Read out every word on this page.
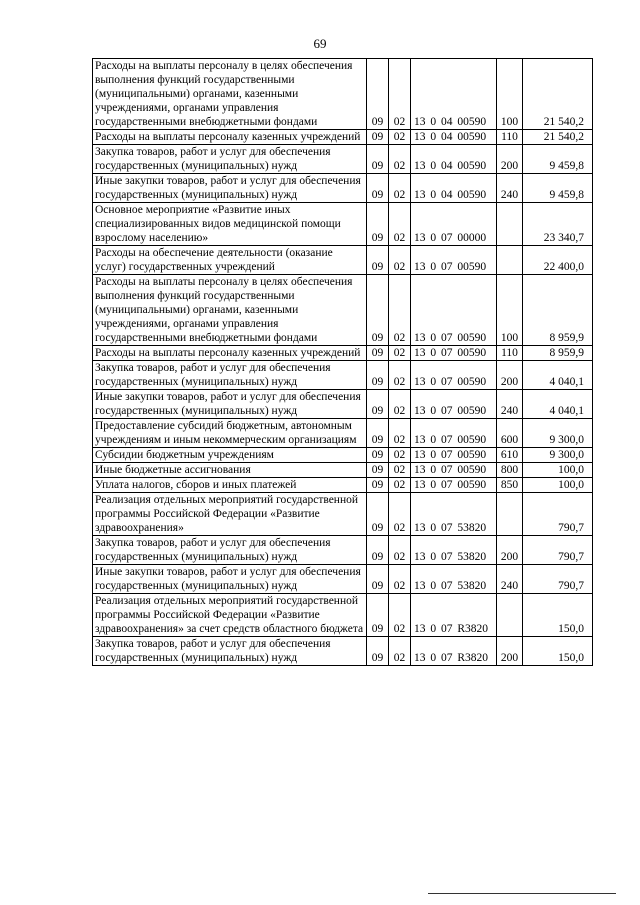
69
Расходы на выплаты персоналу в целях обеспечения выполнения функций государственными (муниципальными) органами, казенными учреждениями, органами управления государственными внебюджетными фондами	09	02	13 0 04 00590	100	21 540,2
Расходы на выплаты персоналу казенных учреждений	09	02	13 0 04 00590	110	21 540,2
Закупка товаров, работ и услуг для обеспечения государственных (муниципальных) нужд	09	02	13 0 04 00590	200	9 459,8
Иные закупки товаров, работ и услуг для обеспечения государственных (муниципальных) нужд	09	02	13 0 04 00590	240	9 459,8
Основное мероприятие «Развитие иных специализированных видов медицинской помощи взрослому населению»	09	02	13 0 07 00000		23 340,7
Расходы на обеспечение деятельности (оказание услуг) государственных учреждений	09	02	13 0 07 00590		22 400,0
Расходы на выплаты персоналу в целях обеспечения выполнения функций государственными (муниципальными) органами, казенными учреждениями, органами управления государственными внебюджетными фондами	09	02	13 0 07 00590	100	8 959,9
Расходы на выплаты персоналу казенных учреждений	09	02	13 0 07 00590	110	8 959,9
Закупка товаров, работ и услуг для обеспечения государственных (муниципальных) нужд	09	02	13 0 07 00590	200	4 040,1
Иные закупки товаров, работ и услуг для обеспечения государственных (муниципальных) нужд	09	02	13 0 07 00590	240	4 040,1
Предоставление субсидий бюджетным, автономным учреждениям и иным некоммерческим организациям	09	02	13 0 07 00590	600	9 300,0
Субсидии бюджетным учреждениям	09	02	13 0 07 00590	610	9 300,0
Иные бюджетные ассигнования	09	02	13 0 07 00590	800	100,0
Уплата налогов, сборов и иных платежей	09	02	13 0 07 00590	850	100,0
Реализация отдельных мероприятий государственной программы Российской Федерации «Развитие здравоохранения»	09	02	13 0 07 53820		790,7
Закупка товаров, работ и услуг для обеспечения государственных (муниципальных) нужд	09	02	13 0 07 53820	200	790,7
Иные закупки товаров, работ и услуг для обеспечения государственных (муниципальных) нужд	09	02	13 0 07 53820	240	790,7
Реализация отдельных мероприятий государственной программы Российской Федерации «Развитие здравоохранения» за счет средств областного бюджета	09	02	13 0 07 R3820		150,0
Закупка товаров, работ и услуг для обеспечения государственных (муниципальных) нужд	09	02	13 0 07 R3820	200	150,0
